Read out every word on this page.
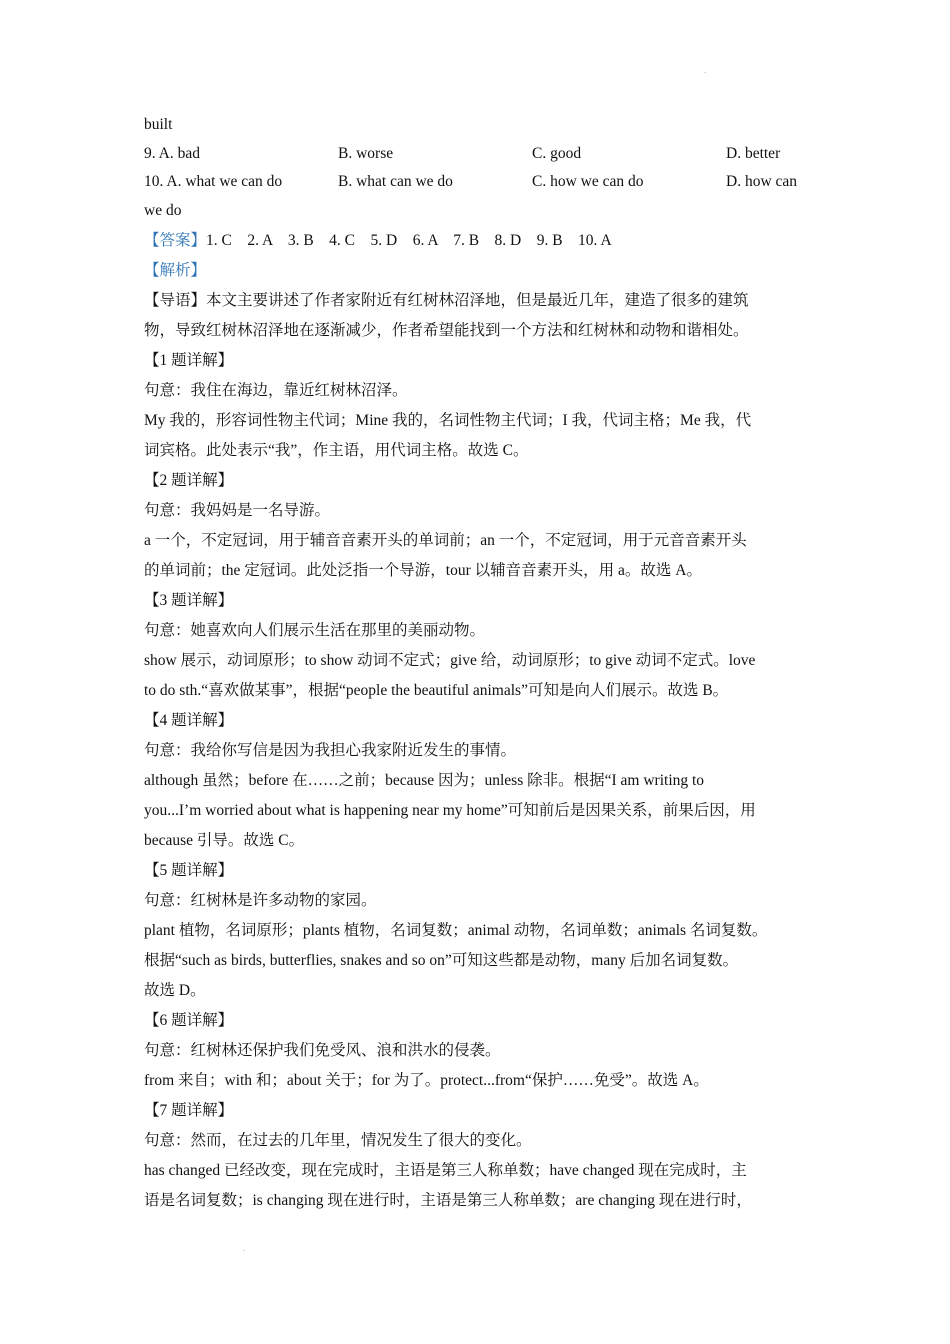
.
built
9. A. bad	B. worse	C. good	D. better
10. A. what we can do	B. what can we do	C. how we can do	D. how can
we do
【答案】1. C    2. A    3. B    4. C    5. D    6. A    7. B    8. D    9. B    10. A
【解析】
【导语】本文主要讲述了作者家附近有红树林沼泽地，但是最近几年，建造了很多的建筑
物，导致红树林沼泽地在逐渐减少，作者希望能找到一个方法和红树林和动物和谐相处。
【1 题详解】
句意：我住在海边，靠近红树林沼泽。
My 我的，形容词性物主代词；Mine 我的，名词性物主代词；I 我，代词主格；Me 我，代
词宾格。此处表示“我”，作主语，用代词主格。故选 C。
【2 题详解】
句意：我妈妈是一名导游。
a 一个，不定冠词，用于辅音音素开头的单词前；an 一个，不定冠词，用于元音音素开头
的单词前；the 定冠词。此处泛指一个导游，tour 以辅音音素开头，用 a。故选 A。
【3 题详解】
句意：她喜欢向人们展示生活在那里的美丽动物。
show 展示，动词原形；to show 动词不定式；give 给，动词原形；to give 动词不定式。love
to do sth.“喜欢做某事”，根据“people the beautiful animals”可知是向人们展示。故选 B。
【4 题详解】
句意：我给你写信是因为我担心我家附近发生的事情。
although 虽然；before 在……之前；because 因为；unless 除非。根据“I am writing to
you...I’m worried about what is happening near my home”可知前后是因果关系，前果后因，用
because 引导。故选 C。
【5 题详解】
句意：红树林是许多动物的家园。
plant 植物，名词原形；plants 植物，名词复数；animal 动物，名词单数；animals 名词复数。
根据“such as birds, butterflies, snakes and so on”可知这些都是动物，many 后加名词复数。
故选 D。
【6 题详解】
句意：红树林还保护我们免受风、浪和洪水的侵袭。
from 来自；with 和；about 关于；for 为了。protect...from“保护……免受”。故选 A。
【7 题详解】
句意：然而，在过去的几年里，情况发生了很大的变化。
has changed 已经改变，现在完成时，主语是第三人称单数；have changed 现在完成时，主
语是名词复数；is changing 现在进行时，主语是第三人称单数；are changing 现在进行时，
.
